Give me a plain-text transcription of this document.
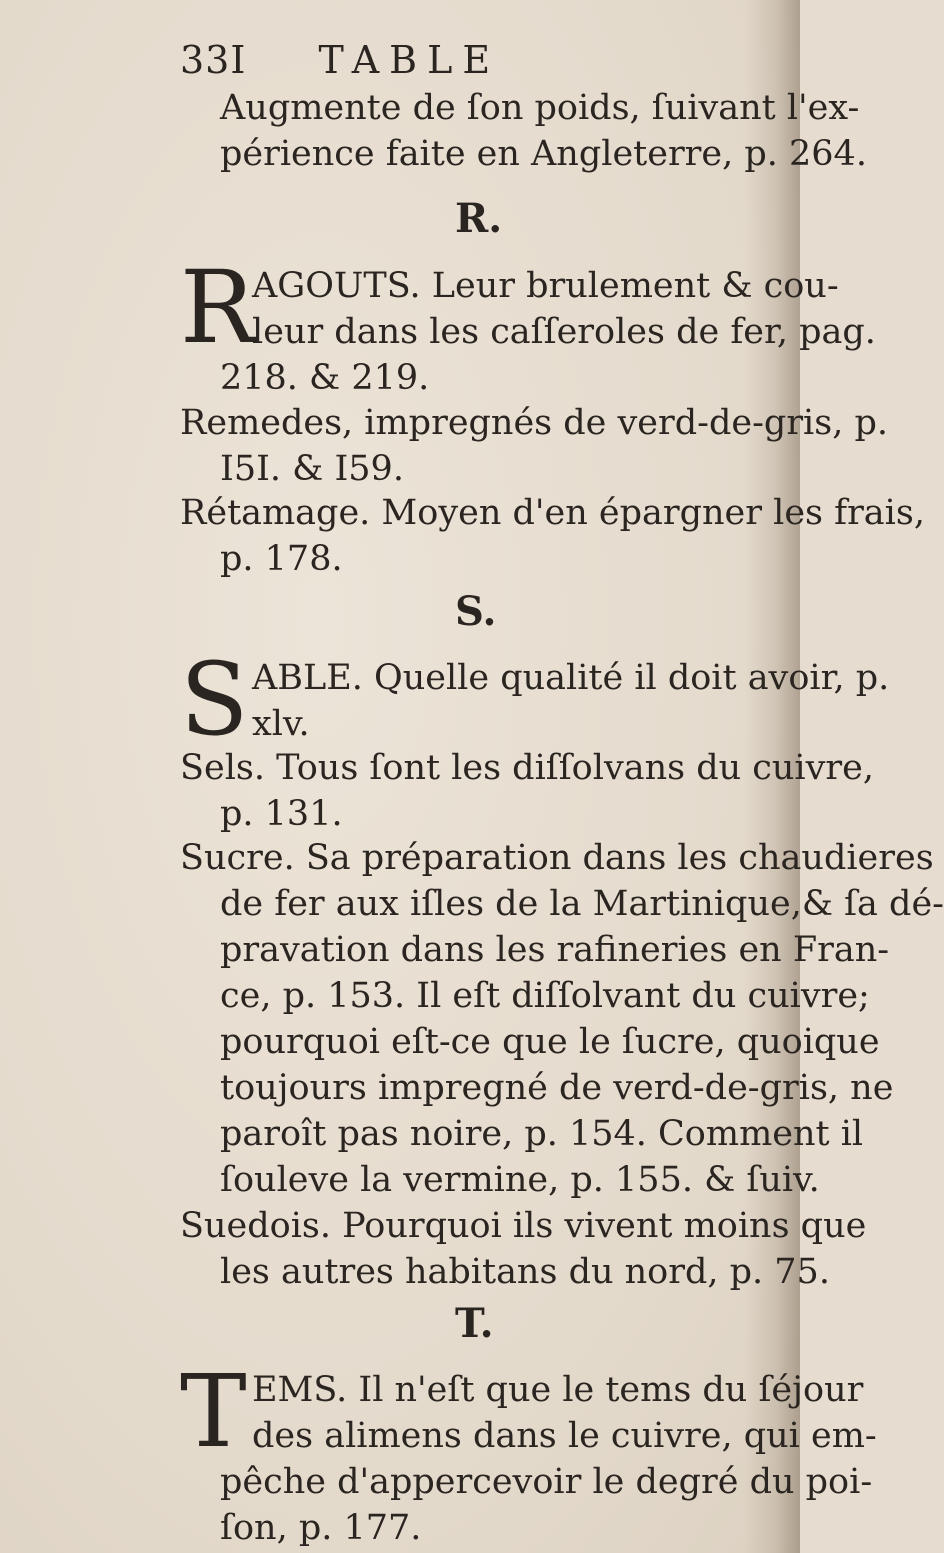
33I TABLE
Augmente de ſon poids, ſuivant l'ex-
périence faite en Angleterre, p. 264.
R.
R
AGOUTS. Leur brulement & cou-
leur dans les caſſeroles de fer, pag.
218. & 219.
Remedes, impregnés de verd-de-gris, p.
I5I. & I59.
Rétamage. Moyen d'en épargner les frais,
p. 178.
S.
S ABLE. Quelle qualité il doit avoir, p.
xlv.
Sels. Tous ſont les diſſolvans du cuivre,
p. 131.
Sucre. Sa préparation dans les chaudieres
de fer aux iſles de la Martinique,& ſa dé-
pravation dans les rafineries en Fran-
ce, p. 153. Il eſt diſſolvant du cuivre;
pourquoi eſt-ce que le ſucre, quoique
toujours impregné de verd-de-gris, ne
paroît pas noire, p. 154. Comment il
ſouleve la vermine, p. 155. & ſuiv.
Suedois. Pourquoi ils vivent moins que
les autres habitans du nord, p. 75.
T.
T EMS. Il n'eſt que le tems du ſéjour
des alimens dans le cuivre, qui em-
pêche d'appercevoir le degré du poi-
ſon, p. 177.
